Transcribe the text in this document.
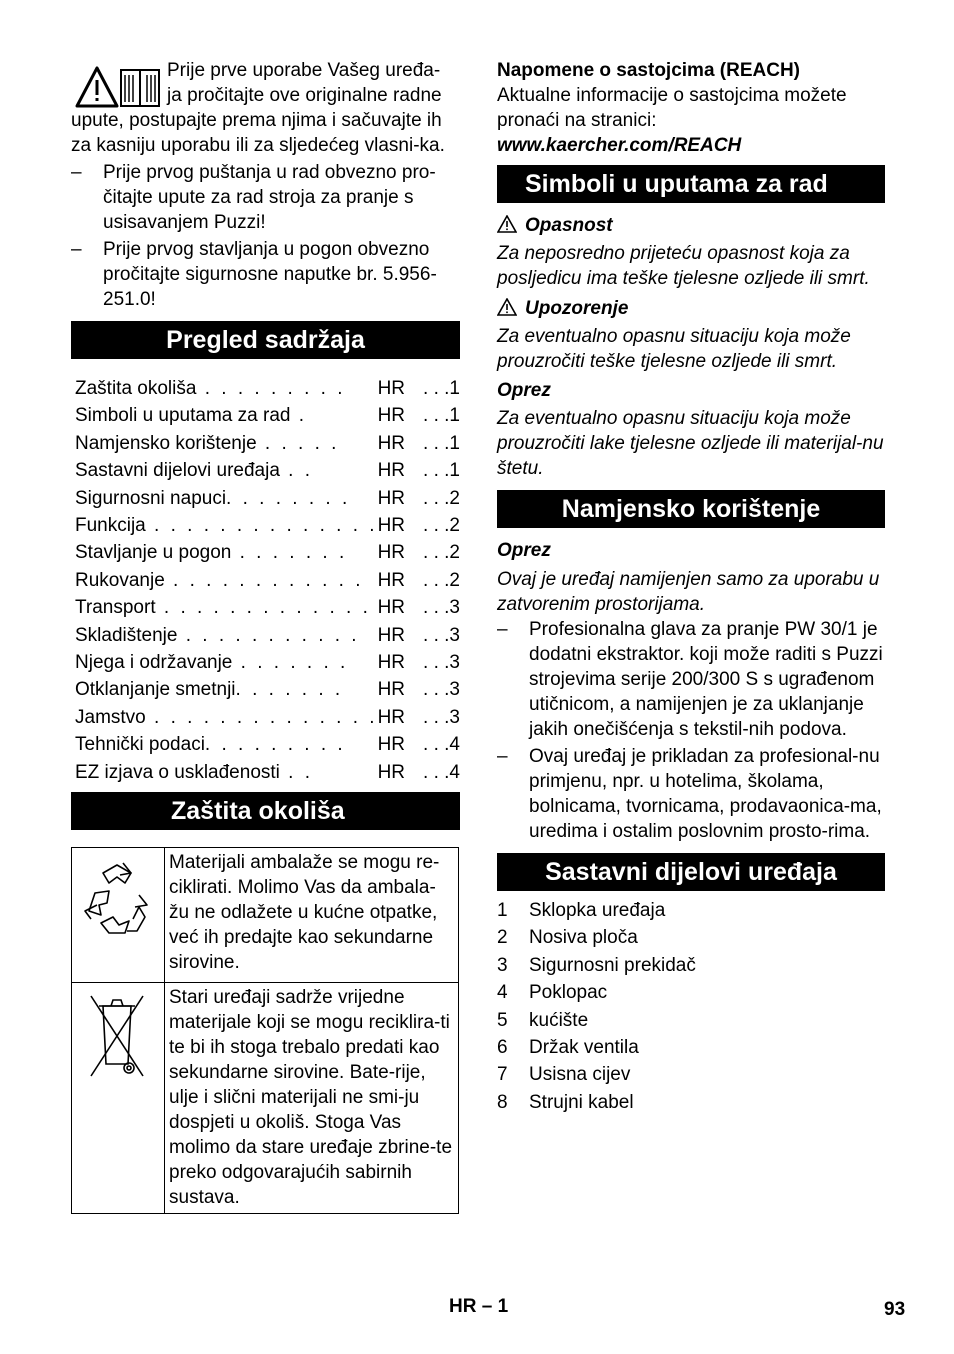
Prije prve uporabe Vašeg uređa-

ja pročitajte ove originalne radne

upute, postupajte prema njima i sačuvajte ih za kasniju uporabu ili za sljedećeg vlasni-ka.

– Prije prvog puštanja u rad obvezno pro-čitajte upute za rad stroja za pranje s usisavanjem Puzzi!
– Prije prvog stavljanja u pogon obvezno pročitajte sigurnosne naputke br. 5.956-251.0!
Pregled sadržaja
Zaštita okoliša . . . . . . . . .	HR	. . .1
Simboli u uputama za rad .	HR	. . .1
Namjensko korištenje . . . . .	HR	. . .1
Sastavni dijelovi uređaja . .	HR	. . .1
Sigurnosni napuci. . . . . . . .	HR	. . .2
Funkcija . . . . . . . . . . . . . .	HR	. . .2
Stavljanje u pogon . . . . . . .	HR	. . .2
Rukovanje . . . . . . . . . . . .	HR	. . .2
Transport . . . . . . . . . . . . .	HR	. . .3
Skladištenje . . . . . . . . . . .	HR	. . .3
Njega i održavanje . . . . . . .	HR	. . .3
Otklanjanje smetnji. . . . . . .	HR	. . .3
Jamstvo . . . . . . . . . . . . . .	HR	. . .3
Tehnički podaci. . . . . . . . .	HR	. . .4
EZ izjava o usklađenosti . .	HR	. . .4
Zaštita okoliša
	Materijali ambalaže se mogu re-ciklirati. Molimo Vas da ambala-žu ne odlažete u kućne otpatke, već ih predajte kao sekundarne sirovine.
	Stari uređaji sadrže vrijedne materijale koji se mogu reciklira-ti te bi ih stoga trebalo predati kao sekundarne sirovine. Bate-rije, ulje i slični materijali ne smi-ju dospjeti u okoliš. Stoga Vas molimo da stare uređaje zbrine-te preko odgovarajućih sabirnih sustava.

Napomene o sastojcima (REACH)

Aktualne informacije o sastojcima možete pronaći na stranici:

www.kaercher.com/REACH

Simboli u uputama za rad

Opasnost

Za neposredno prijeteću opasnost koja za posljedicu ima teške tjelesne ozljede ili smrt.

Upozorenje

Za eventualno opasnu situaciju koja može prouzročiti teške tjelesne ozljede ili smrt.

Oprez

Za eventualno opasnu situaciju koja može prouzročiti lake tjelesne ozljede ili materijal-nu štetu.

Namjensko korištenje

Oprez

Ovaj je uređaj namijenjen samo za uporabu u zatvorenim prostorijama.

– Profesionalna glava za pranje PW 30/1 je dodatni ekstraktor. koji može raditi s Puzzi strojevima serije 200/300 S s ugrađenom utičnicom, a namijenjen je za uklanjanje jakih onečišćenja s tekstil-nih podova.
– Ovaj uređaj je prikladan za profesional-nu primjenu, npr. u hotelima, školama, bolnicama, tvornicama, prodavaonica-ma, uredima i ostalim poslovnim prosto-rima.
Sastavni dijelovi uređaja
1 Sklopka uređaja
2 Nosiva ploča
3 Sigurnosni prekidač
4 Poklopac
5 kućište
6 Držak ventila
7 Usisna cijev
8 Strujni kabel
HR – 1	93
